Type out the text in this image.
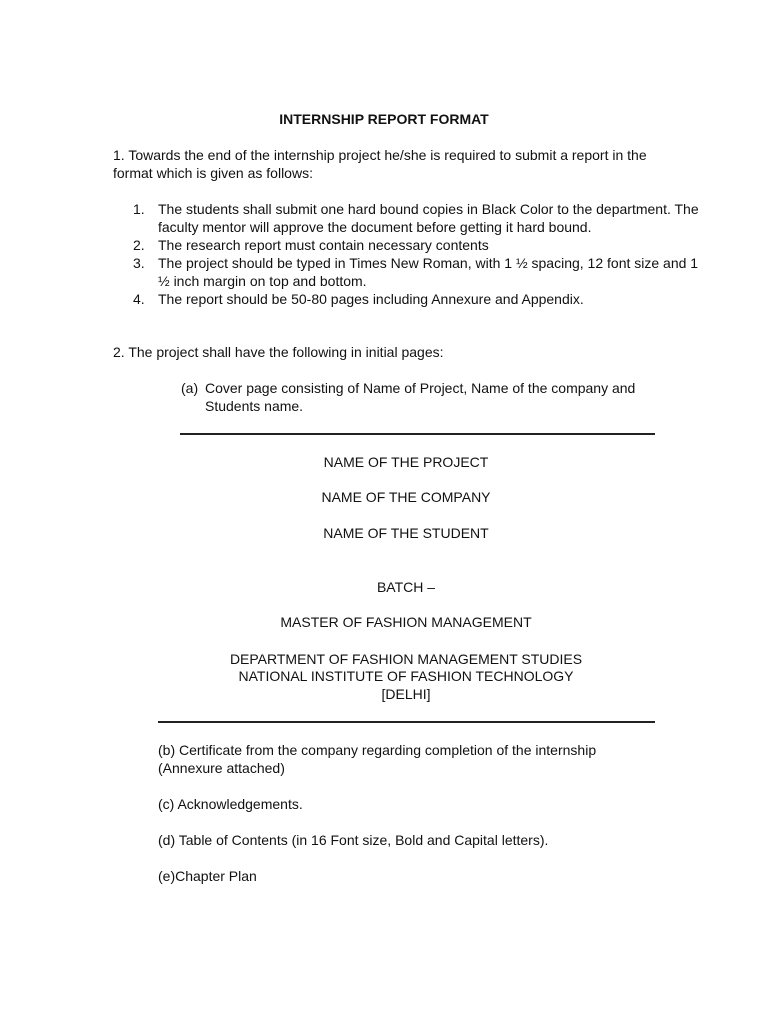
INTERNSHIP REPORT FORMAT

1. Towards the end of the internship project he/she is required to submit a report in the format which is given as follows:

1. The students shall submit one hard bound copies in Black Color to the department. The faculty mentor will approve the document before getting it hard bound.
2. The research report must contain necessary contents
3. The project should be typed in Times New Roman, with 1 ½ spacing, 12 font size and 1 ½ inch margin on top and bottom.
4. The report should be 50-80 pages including Annexure and Appendix.

2. The project shall have the following in initial pages:

(a) Cover page consisting of Name of Project, Name of the company and Students name.
NAME OF THE PROJECT
NAME OF THE COMPANY
NAME OF THE STUDENT
BATCH –
MASTER OF FASHION MANAGEMENT
DEPARTMENT OF FASHION MANAGEMENT STUDIES
NATIONAL INSTITUTE OF FASHION TECHNOLOGY
[DELHI]
(b) Certificate from the company regarding completion of the internship (Annexure attached)
(c) Acknowledgements.
(d) Table of Contents (in 16 Font size, Bold and Capital letters).
(e)Chapter Plan
